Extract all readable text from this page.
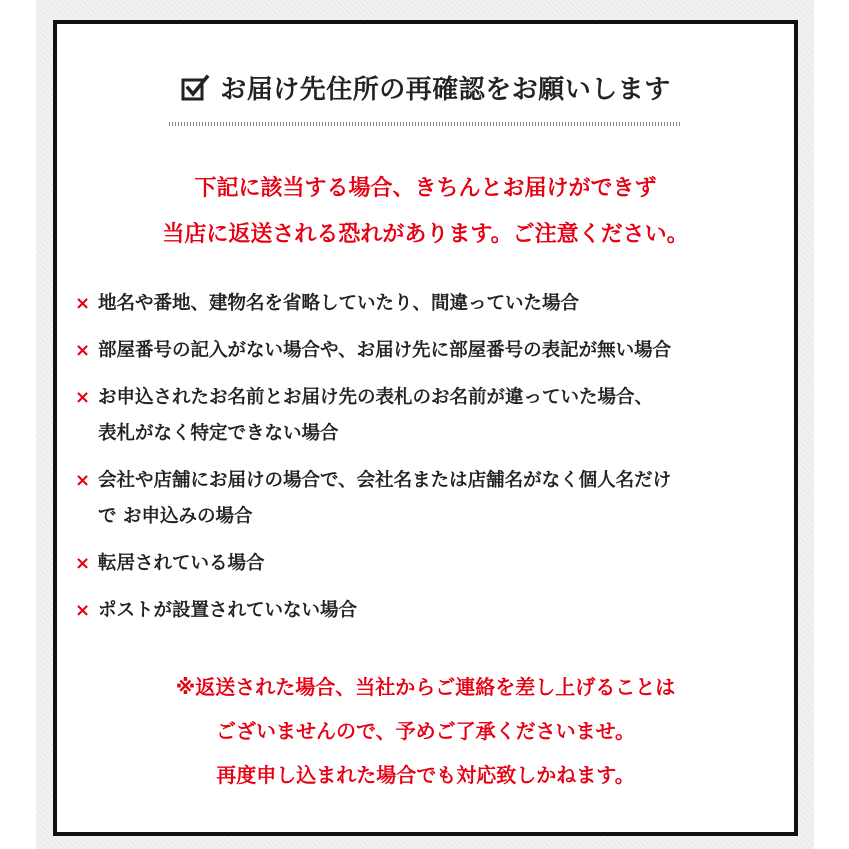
お届け先住所の再確認をお願いします

下記に該当する場合、きちんとお届けができず

当店に返送される恐れがあります。ご注意ください。

× 地名や番地、建物名を省略していたり、間違っていた場合
× 部屋番号の記入がない場合や、お届け先に部屋番号の表記が無い場合
× お申込されたお名前とお届け先の表札のお名前が違っていた場合、
表札がなく特定できない場合
× 会社や店舗にお届けの場合で、会社名または店舗名がなく個人名だけ
で お申込みの場合
× 転居されている場合
× ポストが設置されていない場合

※返送された場合、当社からご連絡を差し上げることは

ございませんので、予めご了承くださいませ。

再度申し込まれた場合でも対応致しかねます。
